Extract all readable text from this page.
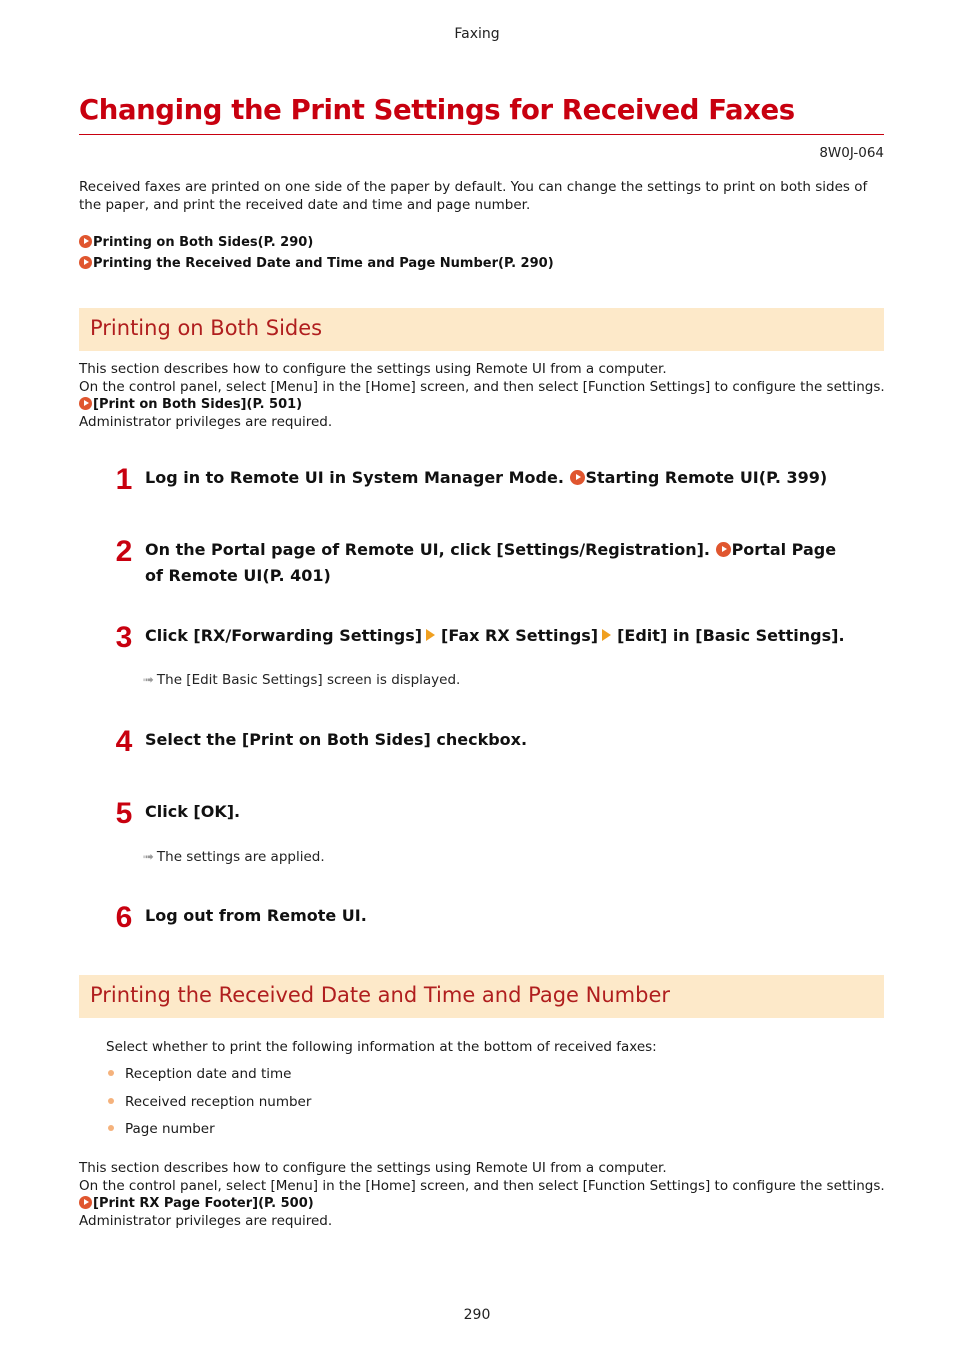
Faxing
Changing the Print Settings for Received Faxes
8W0J-064
Received faxes are printed on one side of the paper by default. You can change the settings to print on both sides of the paper, and print the received date and time and page number.
Printing on Both Sides(P. 290)
Printing the Received Date and Time and Page Number(P. 290)
Printing on Both Sides
This section describes how to configure the settings using Remote UI from a computer.
On the control panel, select [Menu] in the [Home] screen, and then select [Function Settings] to configure the settings.
[Print on Both Sides](P. 501)
Administrator privileges are required.
1 Log in to Remote UI in System Manager Mode. Starting Remote UI(P. 399)
2 On the Portal page of Remote UI, click [Settings/Registration]. Portal Page of Remote UI(P. 401)
3 Click [RX/Forwarding Settings] [Fax RX Settings] [Edit] in [Basic Settings].
➟ The [Edit Basic Settings] screen is displayed.
4 Select the [Print on Both Sides] checkbox.
5 Click [OK].
➟ The settings are applied.
6 Log out from Remote UI.
Printing the Received Date and Time and Page Number
Select whether to print the following information at the bottom of received faxes:
Reception date and time
Received reception number
Page number
This section describes how to configure the settings using Remote UI from a computer.
On the control panel, select [Menu] in the [Home] screen, and then select [Function Settings] to configure the settings.
[Print RX Page Footer](P. 500)
Administrator privileges are required.
290
